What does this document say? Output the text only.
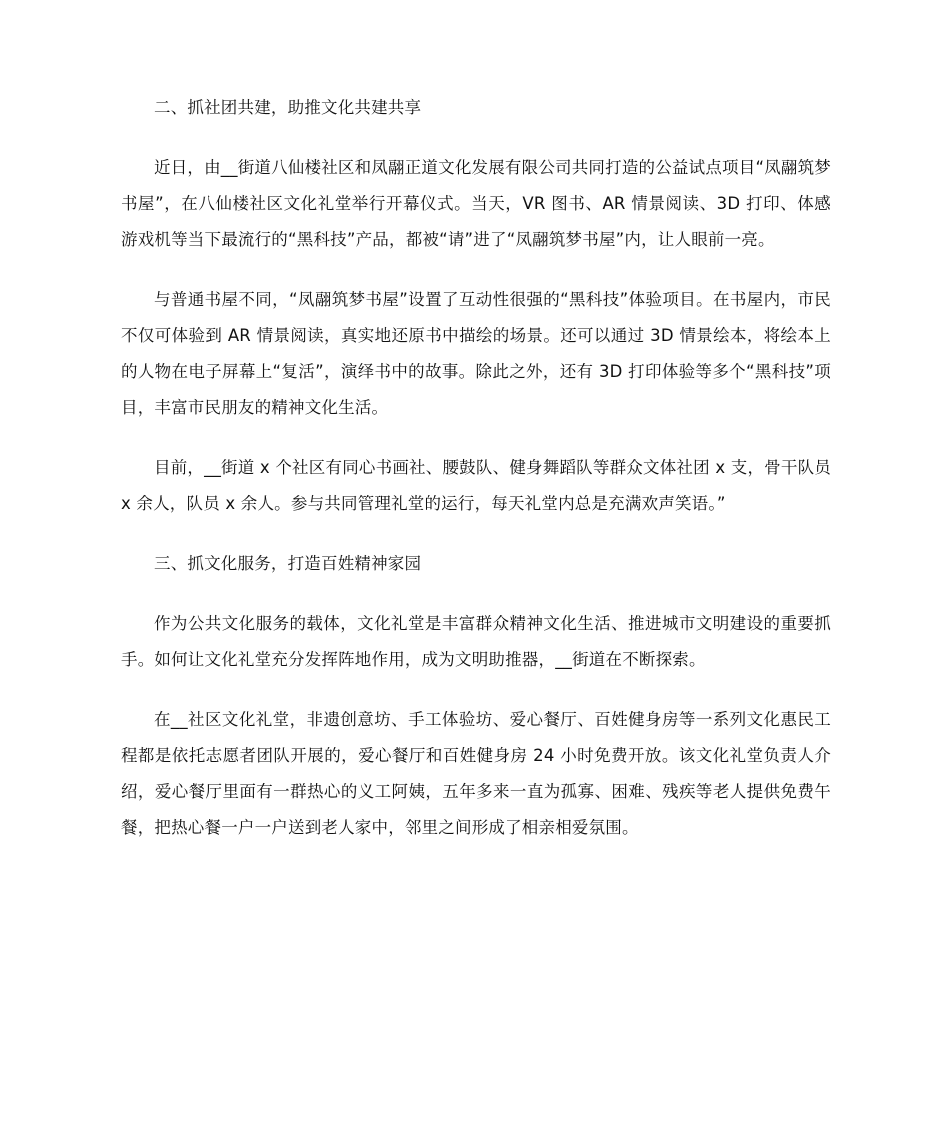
二、抓社团共建，助推文化共建共享

近日，由__街道八仙楼社区和凤翮正道文化发展有限公司共同打造的公益试点项目“凤翮筑梦书屋”，在八仙楼社区文化礼堂举行开幕仪式。当天，VR 图书、AR 情景阅读、3D 打印、体感游戏机等当下最流行的“黑科技”产品，都被“请”进了“凤翮筑梦书屋”内，让人眼前一亮。

与普通书屋不同，“凤翮筑梦书屋”设置了互动性很强的“黑科技”体验项目。在书屋内，市民不仅可体验到 AR 情景阅读，真实地还原书中描绘的场景。还可以通过 3D 情景绘本，将绘本上的人物在电子屏幕上“复活”，演绎书中的故事。除此之外，还有 3D 打印体验等多个“黑科技”项目，丰富市民朋友的精神文化生活。

目前，__街道 x 个社区有同心书画社、腰鼓队、健身舞蹈队等群众文体社团 x 支，骨干队员 x 余人，队员 x 余人。参与共同管理礼堂的运行，每天礼堂内总是充满欢声笑语。”

三、抓文化服务，打造百姓精神家园

作为公共文化服务的载体，文化礼堂是丰富群众精神文化生活、推进城市文明建设的重要抓手。如何让文化礼堂充分发挥阵地作用，成为文明助推器，__街道在不断探索。

在__社区文化礼堂，非遗创意坊、手工体验坊、爱心餐厅、百姓健身房等一系列文化惠民工程都是依托志愿者团队开展的，爱心餐厅和百姓健身房 24 小时免费开放。该文化礼堂负责人介绍，爱心餐厅里面有一群热心的义工阿姨，五年多来一直为孤寡、困难、残疾等老人提供免费午餐，把热心餐一户一户送到老人家中，邻里之间形成了相亲相爱氛围。
